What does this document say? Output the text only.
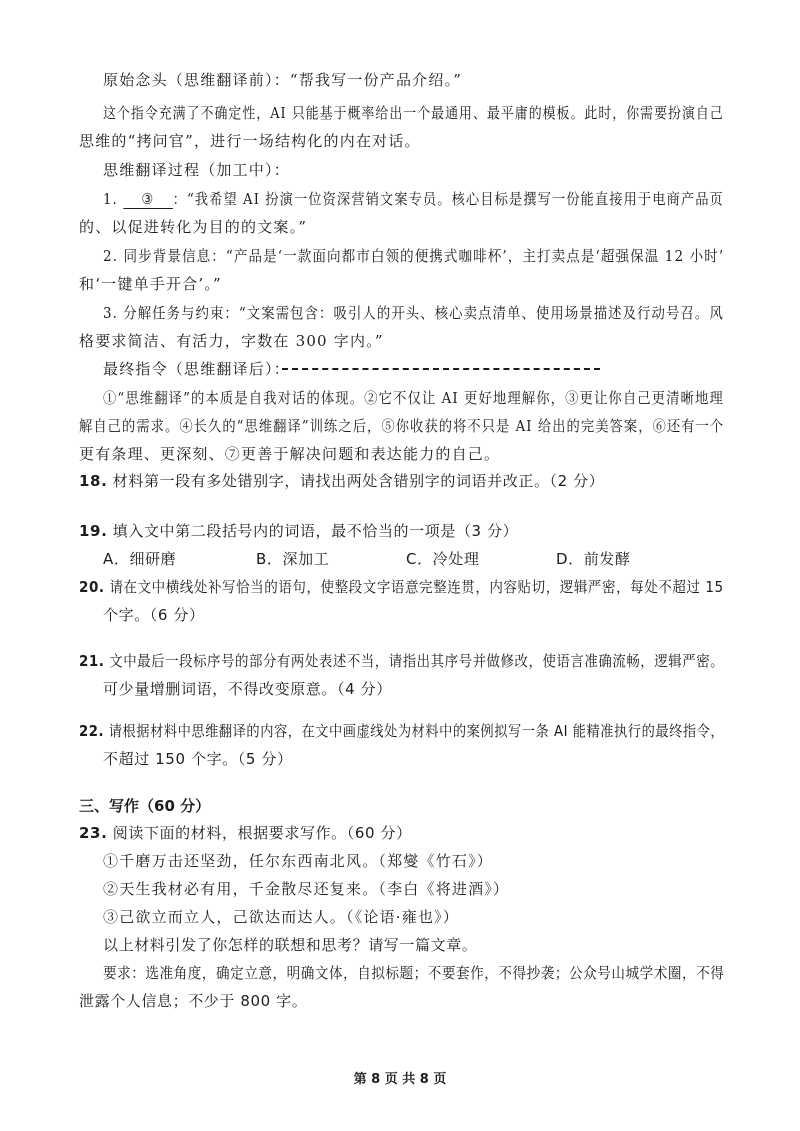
原始念头（思维翻译前）：“帮我写一份产品介绍。”
这个指令充满了不确定性，AI 只能基于概率给出一个最通用、最平庸的模板。此时，你需要扮演自己
思维的“拷问官”，进行一场结构化的内在对话。
思维翻译过程（加工中）：
1. ③ ：“我希望 AI 扮演一位资深营销文案专员。核心目标是撰写一份能直接用于电商产品页
的、以促进转化为目的的文案。”
2. 同步背景信息：“产品是‘一款面向都市白领的便携式咖啡杯’，主打卖点是‘超强保温 12 小时’
和‘一键单手开合’。”
3. 分解任务与约束：“文案需包含：吸引人的开头、核心卖点清单、使用场景描述及行动号召。风
格要求简洁、有活力，字数在 300 字内。”
最终指令（思维翻译后）：
①“思维翻译”的本质是自我对话的体现。②它不仅让 AI 更好地理解你，③更让你自己更清晰地理
解自己的需求。④长久的“思维翻译”训练之后，⑤你收获的将不只是 AI 给出的完美答案，⑥还有一个
更有条理、更深刻、⑦更善于解决问题和表达能力的自己。
18. 材料第一段有多处错别字，请找出两处含错别字的词语并改正。（2 分）
19. 填入文中第二段括号内的词语，最不恰当的一项是（3 分）
A．细研磨	B．深加工	C．冷处理	D．前发酵
20. 请在文中横线处补写恰当的语句，使整段文字语意完整连贯，内容贴切，逻辑严密，每处不超过 15
个字。（6 分）
21. 文中最后一段标序号的部分有两处表述不当，请指出其序号并做修改，使语言准确流畅，逻辑严密。
可少量增删词语，不得改变原意。（4 分）
22. 请根据材料中思维翻译的内容，在文中画虚线处为材料中的案例拟写一条 AI 能精准执行的最终指令，
不超过 150 个字。（5 分）
三、写作（60 分）
23. 阅读下面的材料，根据要求写作。（60 分）
①千磨万击还坚劲，任尔东西南北风。（郑燮《竹石》）
②天生我材必有用，千金散尽还复来。（李白《将进酒》）
③己欲立而立人，己欲达而达人。（《论语·雍也》）
以上材料引发了你怎样的联想和思考？请写一篇文章。
要求：选准角度，确定立意，明确文体，自拟标题；不要套作，不得抄袭；公众号山城学术圈，不得
泄露个人信息；不少于 800 字。
第 8 页 共 8 页
